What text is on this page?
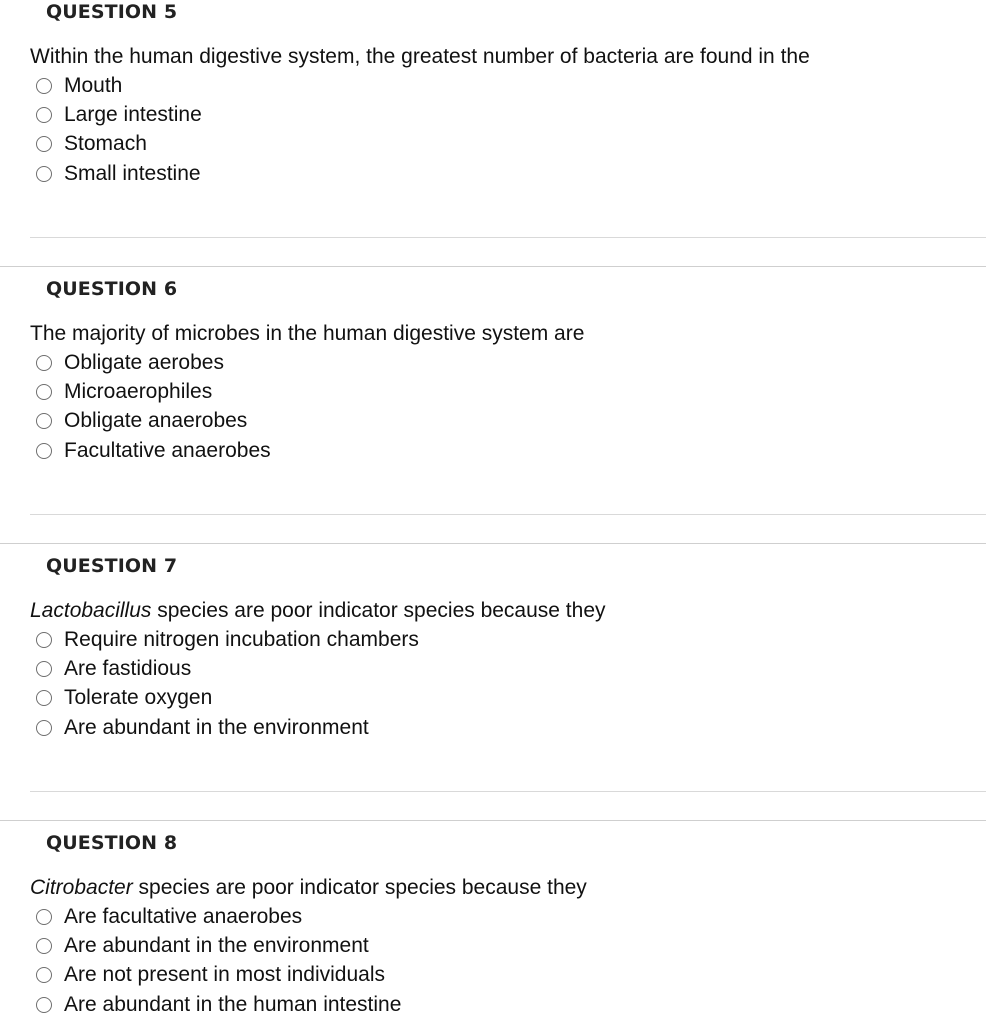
QUESTION 5
Within the human digestive system, the greatest number of bacteria are found in the
Mouth
Large intestine
Stomach
Small intestine
QUESTION 6
The majority of microbes in the human digestive system are
Obligate aerobes
Microaerophiles
Obligate anaerobes
Facultative anaerobes
QUESTION 7
Lactobacillus species are poor indicator species because they
Require nitrogen incubation chambers
Are fastidious
Tolerate oxygen
Are abundant in the environment
QUESTION 8
Citrobacter species are poor indicator species because they
Are facultative anaerobes
Are abundant in the environment
Are not present in most individuals
Are abundant in the human intestine
